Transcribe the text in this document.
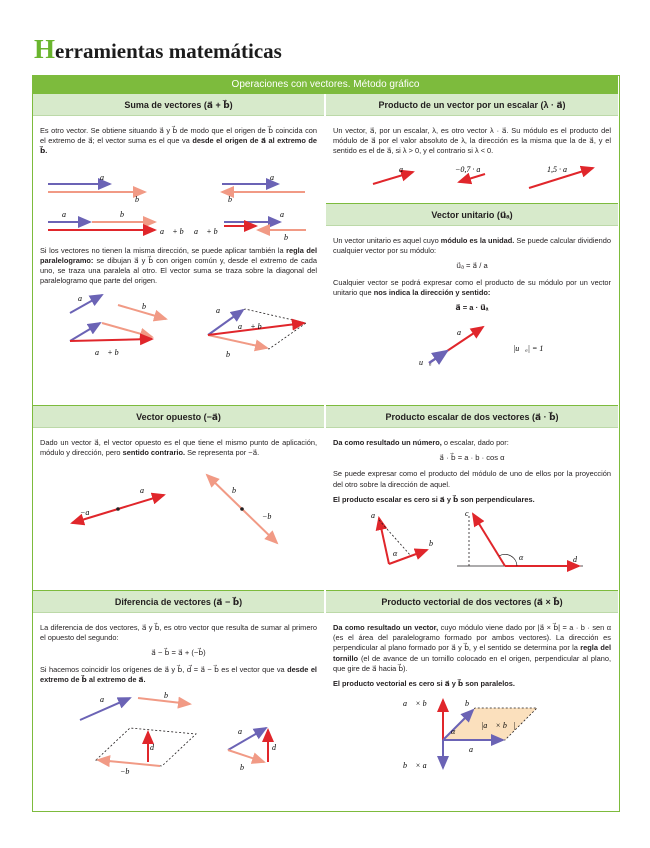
Herramientas matemáticas
Operaciones con vectores. Método gráfico
Suma de vectores (a⃗ + b⃗)

Es otro vector. Se obtiene situando a⃗ y b⃗ de modo que el origen de b⃗ coincida con el extremo de a⃗; el vector suma es el que va desde el origen de a⃗ al extremo de b⃗.

a⃗
b⃗
a⃗
b⃗
a⃗	b⃗
a⃗ + b⃗ a⃗ + b⃗
a⃗
b⃗

Si los vectores no tienen la misma dirección, se puede aplicar también la regla del paralelogramo: se dibujan a⃗ y b⃗ con origen común y, desde el extremo de cada uno, se traza una paralela al otro. El vector suma se traza sobre la diagonal del paralelogramo que parte del origen.

a⃗
b⃗
a⃗ + b⃗
a⃗
a⃗ + b⃗
b⃗
Vector opuesto (−a⃗)

Dado un vector a⃗, el vector opuesto es el que tiene el mismo punto de aplicación, módulo y dirección, pero sentido contrario. Se representa por −a⃗.

a⃗
−a⃗
b⃗
−b⃗
Diferencia de vectores (a⃗ − b⃗)

La diferencia de dos vectores, a⃗ y b⃗, es otro vector que resulta de sumar al primero el opuesto del segundo:

a⃗ − b⃗ = a⃗ + (−b⃗)

Si hacemos coincidir los orígenes de a⃗ y b⃗, d⃗ = a⃗ − b⃗ es el vector que va desde el extremo de b⃗ al extremo de a⃗.

a⃗	b⃗
d⃗
−b⃗
a⃗
d⃗
b⃗
Producto de un vector por un escalar (λ · a⃗)

Un vector, a⃗, por un escalar, λ, es otro vector λ · a⃗. Su módulo es el producto del módulo de a⃗ por el valor absoluto de λ, la dirección es la misma que la de a⃗, y el sentido es el de a⃗, si λ > 0, y el contrario si λ < 0.

a⃗	−0,7 · a⃗	1,5 · a⃗
Vector unitario (u⃗ₐ)

Un vector unitario es aquel cuyo módulo es la unidad. Se puede calcular dividiendo cualquier vector por su módulo:

u⃗ₐ = a⃗ / a

Cualquier vector se podrá expresar como el producto de su módulo por un vector unitario que nos indica la dirección y sentido:

a⃗ = a · u⃗ₐ
a⃗
u⃗ₐ
|u⃗ₐ| = 1
Producto escalar de dos vectores (a⃗ · b⃗)

Da como resultado un número, o escalar, dado por:

a⃗ · b⃗ = a · b · cos α

Se puede expresar como el producto del módulo de uno de ellos por la proyección del otro sobre la dirección de aquel.

El producto escalar es cero si a⃗ y b⃗ son perpendiculares.

a⃗
b⃗
α
c⃗
α	d⃗
Producto vectorial de dos vectores (a⃗ × b⃗)

Da como resultado un vector, cuyo módulo viene dado por |a⃗ × b⃗| = a · b · sen α (es el área del paralelogramo formado por ambos vectores). La dirección es perpendicular al plano formado por a⃗ y b⃗, y el sentido se determina por la regla del tornillo (el de avance de un tornillo colocado en el origen, perpendicular al plano, que gire de a⃗ hacia b⃗).

El producto vectorial es cero si a⃗ y b⃗ son paralelos.

a⃗ × b⃗
b⃗ × a⃗
b⃗
a⃗
α
|a⃗ × b⃗|
